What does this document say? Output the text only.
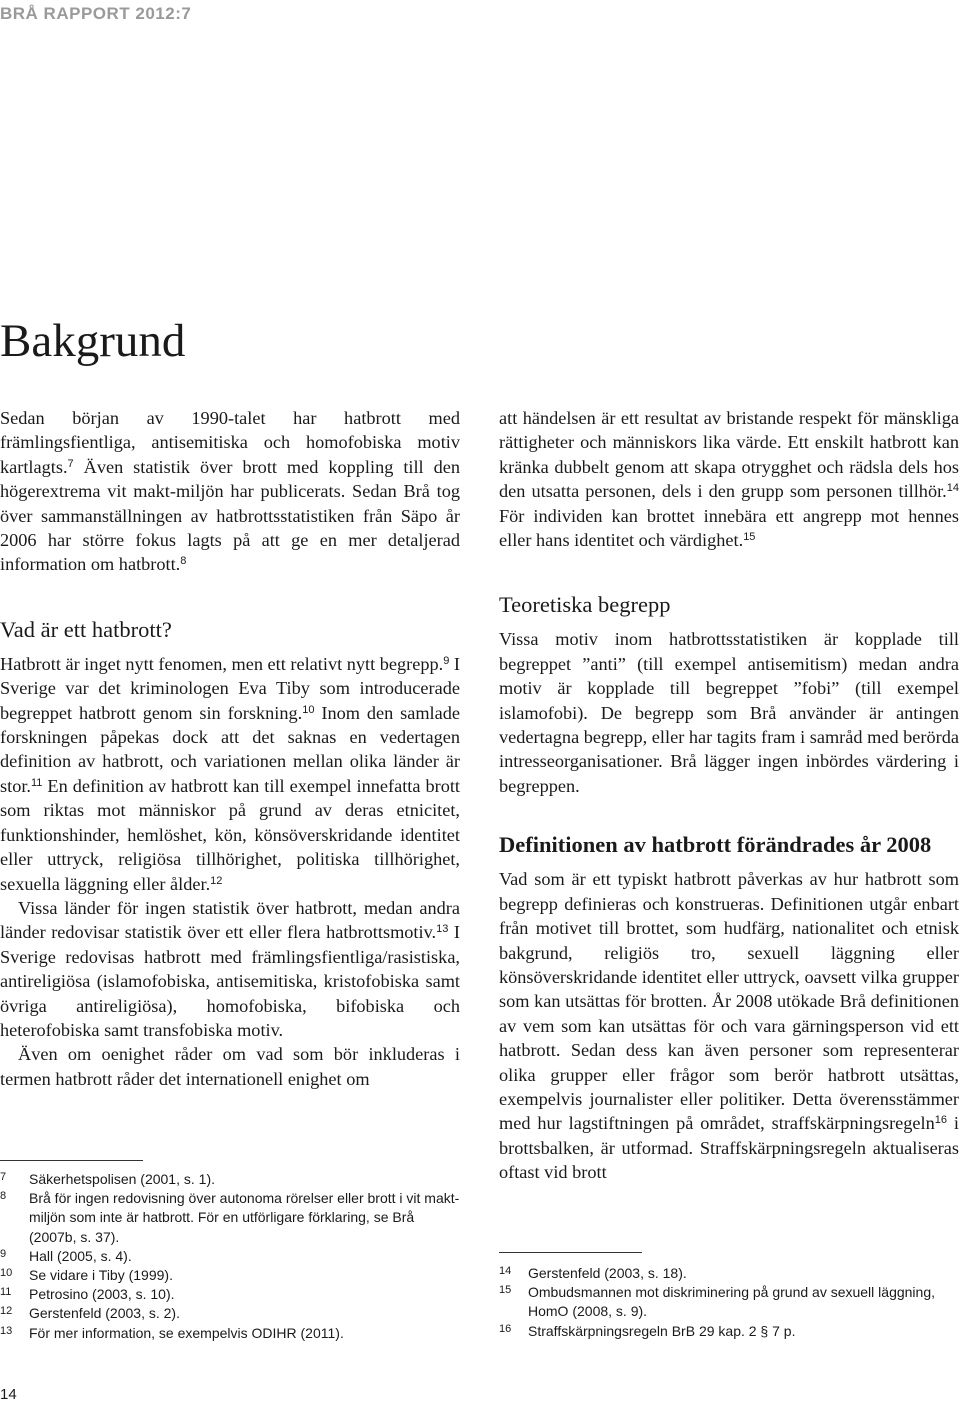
BRÅ RAPPORT 2012:7
Bakgrund

Sedan början av 1990-talet har hatbrott med främlingsfientliga, antisemitiska och homofobiska motiv kartlagts.$^7$ Även statistik över brott med koppling till den högerextrema vit makt-miljön har publicerats. Sedan Brå tog över sammanställningen av hatbrottsstatistiken från Säpo år 2006 har större fokus lagts på att ge en mer detaljerad information om hatbrott.$^8$

Vad är ett hatbrott?

Hatbrott är inget nytt fenomen, men ett relativt nytt begrepp.$^9$ I Sverige var det kriminologen Eva Tiby som introducerade begreppet hatbrott genom sin forskning.$^{10}$ Inom den samlade forskningen påpekas dock att det saknas en vedertagen definition av hatbrott, och variationen mellan olika länder är stor.$^{11}$ En definition av hatbrott kan till exempel innefatta brott som riktas mot människor på grund av deras etnicitet, funktionshinder, hemlöshet, kön, könsöverskridande identitet eller uttryck, religiösa tillhörighet, politiska tillhörighet, sexuella läggning eller ålder.$^{12}$

Vissa länder för ingen statistik över hatbrott, medan andra länder redovisar statistik över ett eller flera hatbrottsmotiv.$^{13}$ I Sverige redovisas hatbrott med främlingsfientliga/rasistiska, antireligiösa (islamofobiska, antisemitiska, kristofobiska samt övriga antireligiösa), homofobiska, bifobiska och heterofobiska samt transfobiska motiv.

Även om oenighet råder om vad som bör inkluderas i termen hatbrott råder det internationell enighet om

7	Säkerhetspolisen (2001, s. 1).
8	Brå för ingen redovisning över autonoma rörelser eller brott i vit makt-miljön som inte är hatbrott. För en utförligare förklaring, se Brå (2007b, s. 37).
9	Hall (2005, s. 4).
10	Se vidare i Tiby (1999).
11	Petrosino (2003, s. 10).
12	Gerstenfeld (2003, s. 2).
13	För mer information, se exempelvis ODIHR (2011).

att händelsen är ett resultat av bristande respekt för mänskliga rättigheter och människors lika värde. Ett enskilt hatbrott kan kränka dubbelt genom att skapa otrygghet och rädsla dels hos den utsatta personen, dels i den grupp som personen tillhör.$^{14}$ För individen kan brottet innebära ett angrepp mot hennes eller hans identitet och värdighet.$^{15}$

Teoretiska begrepp

Vissa motiv inom hatbrottsstatistiken är kopplade till begreppet ”anti” (till exempel antisemitism) medan andra motiv är kopplade till begreppet ”fobi” (till exempel islamofobi). De begrepp som Brå använder är antingen vedertagna begrepp, eller har tagits fram i samråd med berörda intresseorganisationer. Brå lägger ingen inbördes värdering i begreppen.

Definitionen av hatbrott förändrades år 2008

Vad som är ett typiskt hatbrott påverkas av hur hatbrott som begrepp definieras och konstrueras. Definitionen utgår enbart från motivet till brottet, som hudfärg, nationalitet och etnisk bakgrund, religiös tro, sexuell läggning eller könsöverskridande identitet eller uttryck, oavsett vilka grupper som kan utsättas för brotten. År 2008 utökade Brå definitionen av vem som kan utsättas för och vara gärningsperson vid ett hatbrott. Sedan dess kan även personer som representerar olika grupper eller frågor som berör hatbrott utsättas, exempelvis journalister eller politiker. Detta överensstämmer med hur lagstiftningen på området, straffskärpningsregeln$^{16}$ i brottsbalken, är utformad. Straffskärpningsregeln aktualiseras oftast vid brott

14	Gerstenfeld (2003, s. 18).
15	Ombudsmannen mot diskriminering på grund av sexuell läggning, HomO (2008, s. 9).
16	Straffskärpningsregeln BrB 29 kap. 2 § 7 p.
14
